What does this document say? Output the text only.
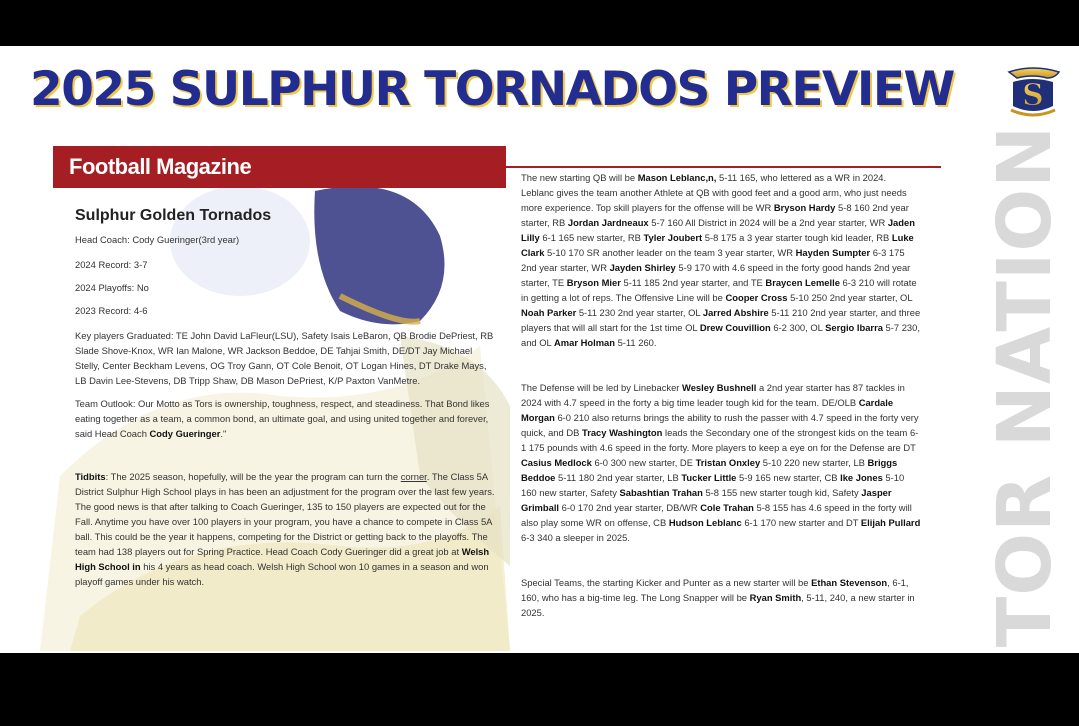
2025 SULPHUR TORNADOS PREVIEW	S
TOR NATION
Football Magazine

Sulphur Golden Tornados

Head Coach: Cody Gueringer(3rd year)

2024 Record: 3-7

2024 Playoffs: No

2023 Record: 4-6

Key players Graduated: TE John David LaFleur(LSU), Safety Isais LeBaron, QB Brodie DePriest, RB Slade Shove-Knox, WR Ian Malone, WR Jackson Beddoe, DE Tahjai Smith, DE/DT Jay Michael Stelly, Center Beckham Levens, OG Troy Gann, OT Cole Benoit, OT Logan Hines, DT Drake Mays, LB Davin Lee-Stevens, DB Tripp Shaw, DB Mason DePriest, K/P Paxton VanMetre.

Team Outlook: Our Motto as Tors is ownership, toughness, respect, and steadiness. That Bond likes eating together as a team, a common bond, an ultimate goal, and using united together and forever, said Head Coach Cody Gueringer."

Tidbits: The 2025 season, hopefully, will be the year the program can turn the corner. The Class 5A District Sulphur High School plays in has been an adjustment for the program over the last few years. The good news is that after talking to Coach Gueringer, 135 to 150 players are expected out for the Fall. Anytime you have over 100 players in your program, you have a chance to compete in Class 5A ball. This could be the year it happens, competing for the District or getting back to the playoffs. The team had 138 players out for Spring Practice. Head Coach Cody Gueringer did a great job at Welsh High School in his 4 years as head coach. Welsh High School won 10 games in a season and won playoff games under his watch.

The new starting QB will be Mason Leblanc,n, 5-11 165, who lettered as a WR in 2024. Leblanc gives the team another Athlete at QB with good feet and a good arm, who just needs more experience. Top skill players for the offense will be WR Bryson Hardy 5-8 160 2nd year starter, RB Jordan Jardneaux 5-7 160 All District in 2024 will be a 2nd year starter, WR Jaden Lilly 6-1 165 new starter, RB Tyler Joubert 5-8 175 a 3 year starter tough kid leader, RB Luke Clark 5-10 170 SR another leader on the team 3 year starter, WR Hayden Sumpter 6-3 175 2nd year starter, WR Jayden Shirley 5-9 170 with 4.6 speed in the forty good hands 2nd year starter, TE Bryson Mier 5-11 185 2nd year starter, and TE Braycen Lemelle 6-3 210 will rotate in getting a lot of reps. The Offensive Line will be Cooper Cross 5-10 250 2nd year starter, OL Noah Parker 5-11 230 2nd year starter, OL Jarred Abshire 5-11 210 2nd year starter, and three players that will all start for the 1st time OL Drew Couvillion 6-2 300, OL Sergio Ibarra 5-7 230, and OL Amar Holman 5-11 260.

The Defense will be led by Linebacker Wesley Bushnell a 2nd year starter has 87 tackles in 2024 with 4.7 speed in the forty a big time leader tough kid for the team. DE/OLB Cardale Morgan 6-0 210 also returns brings the ability to rush the passer with 4.7 speed in the forty very quick, and DB Tracy Washington leads the Secondary one of the strongest kids on the team 6-1 175 pounds with 4.6 speed in the forty. More players to keep a eye on for the Defense are DT Casius Medlock 6-0 300 new starter, DE Tristan Onxley 5-10 220 new starter, LB Briggs Beddoe 5-11 180 2nd year starter, LB Tucker Little 5-9 165 new starter, CB Ike Jones 5-10 160 new starter, Safety Sabashtian Trahan 5-8 155 new starter tough kid, Safety Jasper Grimball 6-0 170 2nd year starter, DB/WR Cole Trahan 5-8 155 has 4.6 speed in the forty will also play some WR on offense, CB Hudson Leblanc 6-1 170 new starter and DT Elijah Pullard 6-3 340 a sleeper in 2025.

Special Teams, the starting Kicker and Punter as a new starter will be Ethan Stevenson, 6-1, 160, who has a big-time leg. The Long Snapper will be Ryan Smith, 5-11, 240, a new starter in 2025.
